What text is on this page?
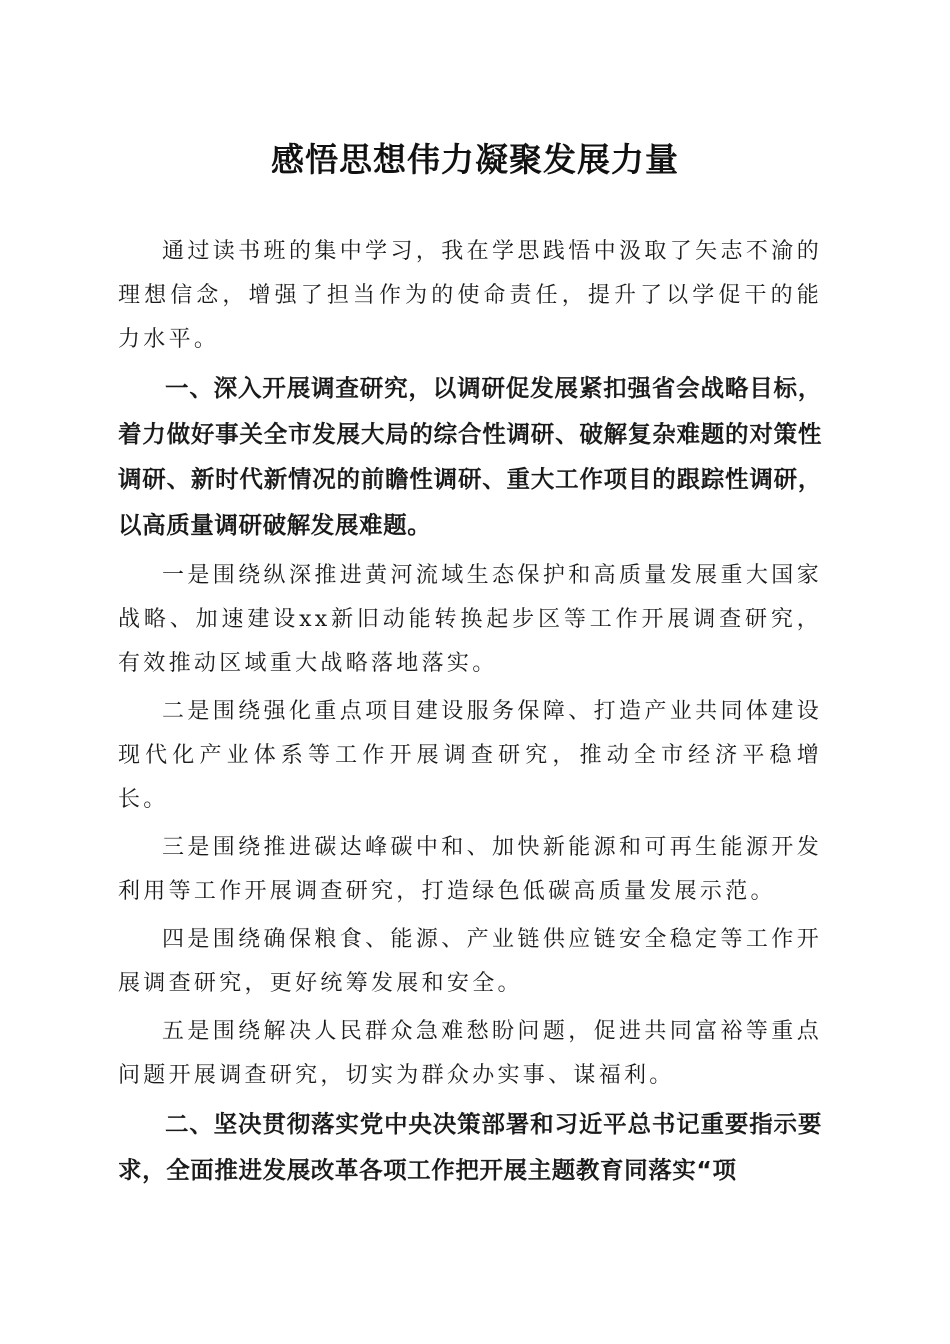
感悟思想伟力凝聚发展力量

通过读书班的集中学习，我在学思践悟中汲取了矢志不渝的理想信念，增强了担当作为的使命责任，提升了以学促干的能力水平。

一、深入开展调查研究，以调研促发展紧扣强省会战略目标，着力做好事关全市发展大局的综合性调研、破解复杂难题的对策性调研、新时代新情况的前瞻性调研、重大工作项目的跟踪性调研，以高质量调研破解发展难题。

一是围绕纵深推进黄河流域生态保护和高质量发展重大国家战略、加速建设xx新旧动能转换起步区等工作开展调查研究，有效推动区域重大战略落地落实。

二是围绕强化重点项目建设服务保障、打造产业共同体建设现代化产业体系等工作开展调查研究，推动全市经济平稳增长。

三是围绕推进碳达峰碳中和、加快新能源和可再生能源开发利用等工作开展调查研究，打造绿色低碳高质量发展示范。

四是围绕确保粮食、能源、产业链供应链安全稳定等工作开展调查研究，更好统筹发展和安全。

五是围绕解决人民群众急难愁盼问题，促进共同富裕等重点问题开展调查研究，切实为群众办实事、谋福利。

二、坚决贯彻落实党中央决策部署和习近平总书记重要指示要求，全面推进发展改革各项工作把开展主题教育同落实“项
